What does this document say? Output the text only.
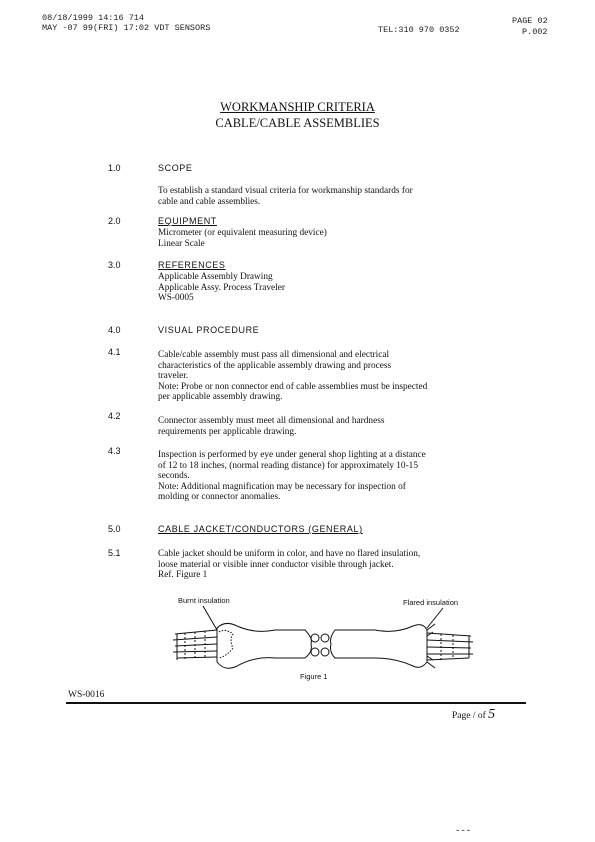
08/18/1999 14:16 714
MAY -07 99(FRI) 17:02 VDT SENSORS	TEL:310 970 0352
PAGE 02
P.002
WORKMANSHIP CRITERIA
CABLE/CABLE ASSEMBLIES
1.0	SCOPE
To establish a standard visual criteria for workmanship standards for
cable and cable assemblies.
2.0	EQUIPMENT
Micrometer (or equivalent measuring device)
Linear Scale
3.0	REFERENCES
Applicable Assembly Drawing
Applicable Assy. Process Traveler
WS-0005
4.0	VISUAL PROCEDURE
4.1	Cable/cable assembly must pass all dimensional and electrical
characteristics of the applicable assembly drawing and process
traveler.
Note: Probe or non connector end of cable assemblies must be inspected
per applicable assembly drawing.
4.2	Connector assembly must meet all dimensional and hardness
requirements per applicable drawing.
4.3	Inspection is performed by eye under general shop lighting at a distance
of 12 to 18 inches, (normal reading distance) for approximately 10-15
seconds.
Note: Additional magnification may be necessary for inspection of
molding or connector anomalies.
5.0	CABLE JACKET/CONDUCTORS (GENERAL)
5.1	Cable jacket should be uniform in color, and have no flared insulation,
loose material or visible inner conductor visible through jacket.
Ref. Figure 1
Burnt insulation	Flared insulation
Figure 1
WS-0016
Page / of 5
---
